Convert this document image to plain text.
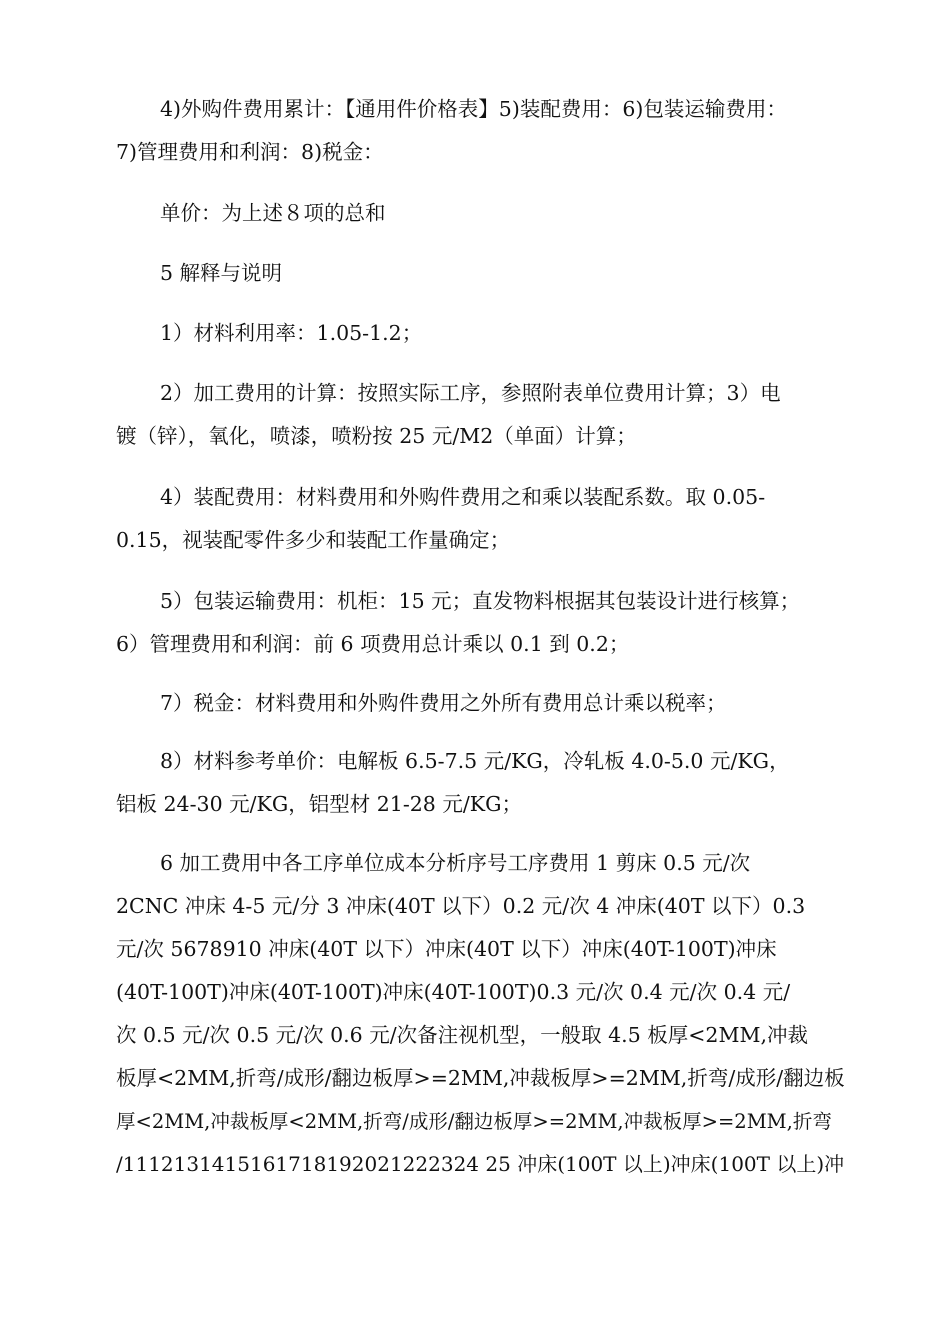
4)外购件费用累计：【通用件价格表】5)装配费用：6)包装运输费用：
7)管理费用和利润：8)税金：
单价：为上述８项的总和
5 解释与说明
1）材料利用率：1.05-1.2；
2）加工费用的计算：按照实际工序，参照附表单位费用计算；3）电
镀（锌），氧化，喷漆，喷粉按 25 元/M2（单面）计算；
4）装配费用：材料费用和外购件费用之和乘以装配系数。取 0.05-
0.15，视装配零件多少和装配工作量确定；
5）包装运输费用：机柜：15 元；直发物料根据其包装设计进行核算；
6）管理费用和利润：前 6 项费用总计乘以 0.1 到 0.2；
7）税金：材料费用和外购件费用之外所有费用总计乘以税率；
8）材料参考单价：电解板 6.5-7.5 元/KG，冷轧板 4.0-5.0 元/KG，
铝板 24-30 元/KG，铝型材 21-28 元/KG；
6 加工费用中各工序单位成本分析序号工序费用 1 剪床 0.5 元/次
2CNC 冲床 4-5 元/分 3 冲床(40T 以下）0.2 元/次 4 冲床(40T 以下）0.3
元/次 5678910 冲床(40T 以下）冲床(40T 以下）冲床(40T-100T)冲床
(40T-100T)冲床(40T-100T)冲床(40T-100T)0.3 元/次 0.4 元/次 0.4 元/
次 0.5 元/次 0.5 元/次 0.6 元/次备注视机型，一般取 4.5 板厚<2MM,冲裁
板厚<2MM,折弯/成形/翻边板厚>=2MM,冲裁板厚>=2MM,折弯/成形/翻边板
厚<2MM,冲裁板厚<2MM,折弯/成形/翻边板厚>=2MM,冲裁板厚>=2MM,折弯
/1112131415161718192021222324 25 冲床(100T 以上)冲床(100T 以上)冲
